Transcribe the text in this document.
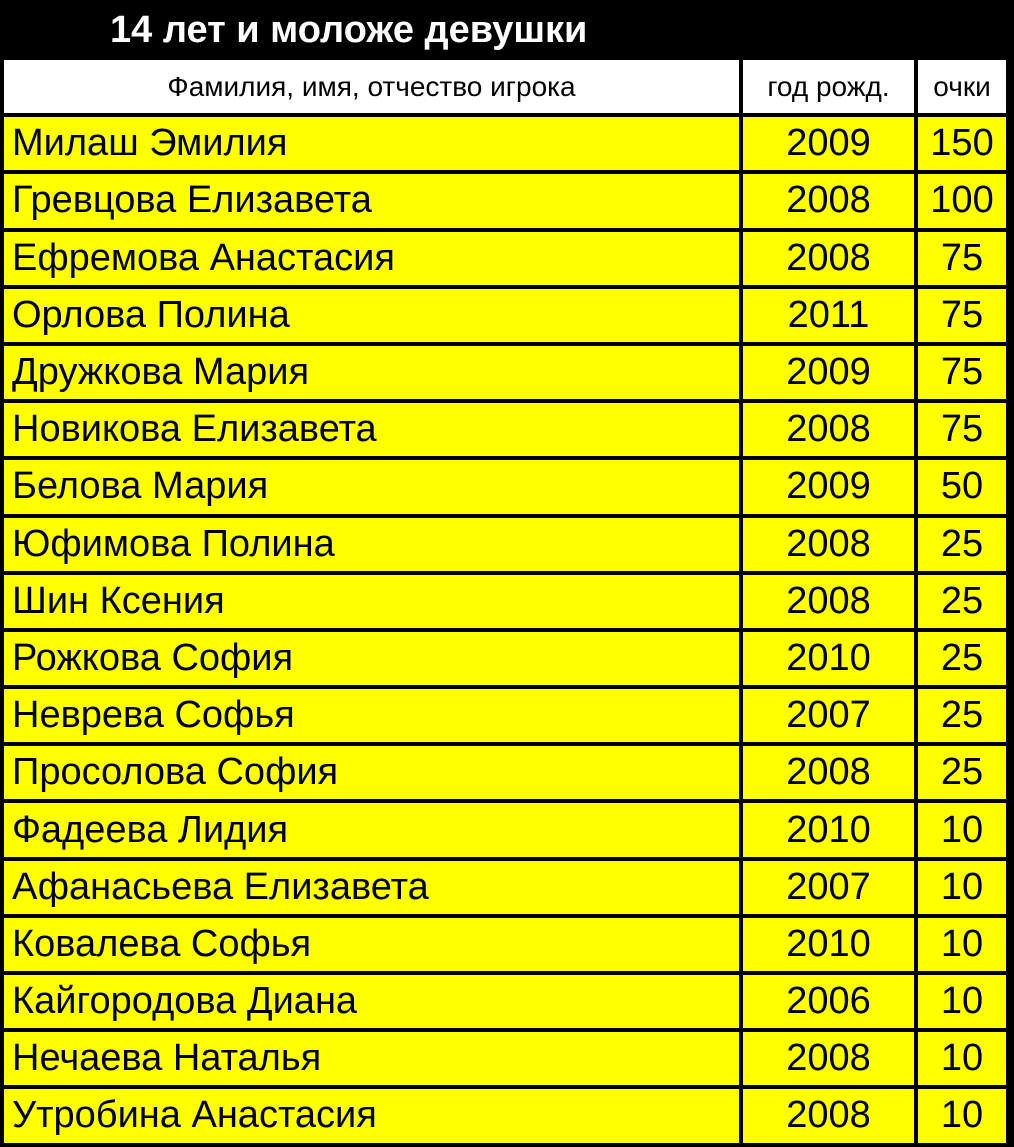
14 лет и моложе девушки
Фамилия, имя, отчество игрока	год рожд.	очки
Милаш Эмилия	2009	150
Гревцова Елизавета	2008	100
Ефремова Анастасия	2008	75
Орлова Полина	2011	75
Дружкова Мария	2009	75
Новикова Елизавета	2008	75
Белова Мария	2009	50
Юфимова Полина	2008	25
Шин Ксения	2008	25
Рожкова София	2010	25
Неврева Софья	2007	25
Просолова София	2008	25
Фадеева Лидия	2010	10
Афанасьева Елизавета	2007	10
Ковалева Софья	2010	10
Кайгородова Диана	2006	10
Нечаева Наталья	2008	10
Утробина Анастасия	2008	10
